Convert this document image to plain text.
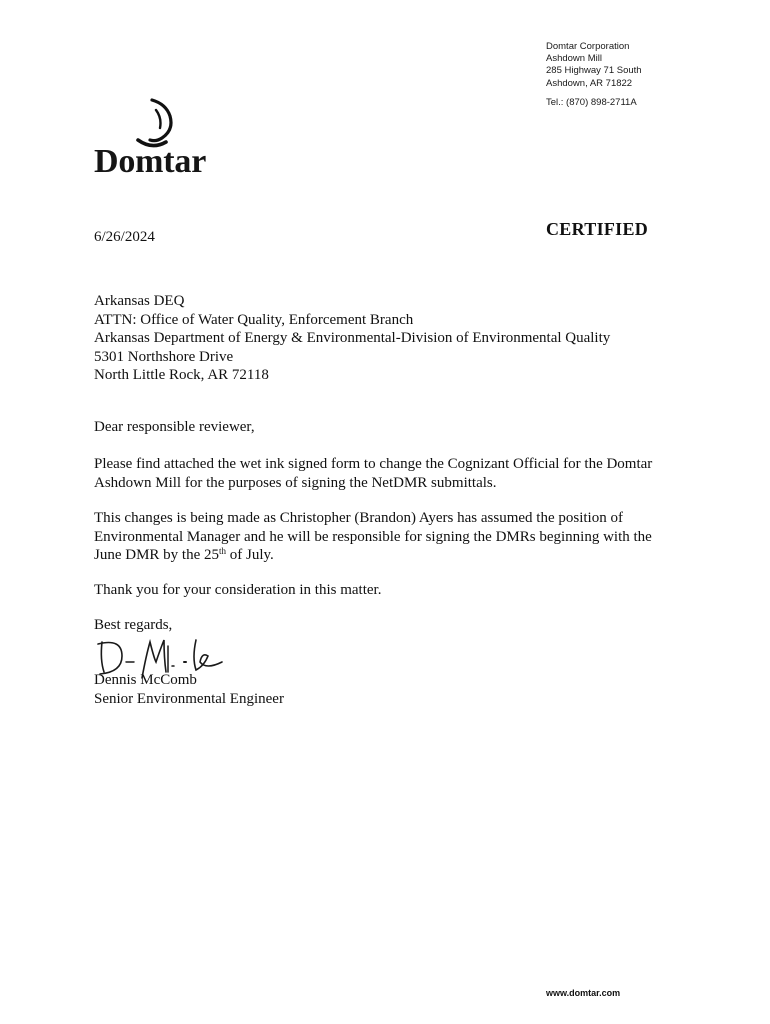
Domtar Corporation
Ashdown Mill
285 Highway 71 South
Ashdown, AR 71822
Tel.: (870) 898-2711A
Domtar
6/26/2024	CERTIFIED
Arkansas DEQ
ATTN: Office of Water Quality, Enforcement Branch
Arkansas Department of Energy & Environmental-Division of Environmental Quality
5301 Northshore Drive
North Little Rock, AR 72118
Dear responsible reviewer,
Please find attached the wet ink signed form to change the Cognizant Official for the Domtar
Ashdown Mill for the purposes of signing the NetDMR submittals.
This changes is being made as Christopher (Brandon) Ayers has assumed the position of
Environmental Manager and he will be responsible for signing the DMRs beginning with the
June DMR by the 25th of July.
Thank you for your consideration in this matter.
Best regards,
Dennis McComb
Senior Environmental Engineer
www.domtar.com
